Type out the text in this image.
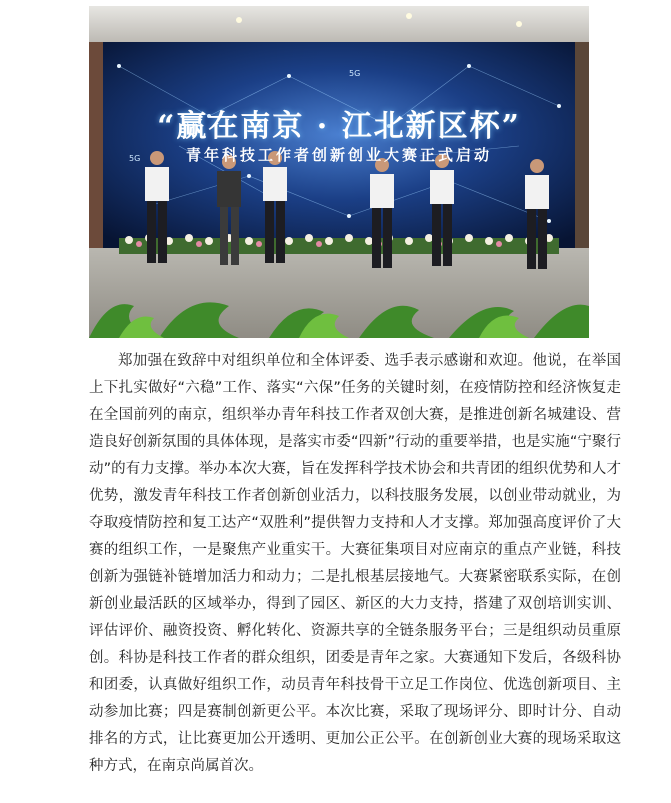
5G
5G
“赢在南京 · 江北新区杯”
青年科技工作者创新创业大赛正式启动

郑加强在致辞中对组织单位和全体评委、选手表示感谢和欢迎。他说，在举国上下扎实做好“六稳”工作、落实“六保”任务的关键时刻，在疫情防控和经济恢复走在全国前列的南京，组织举办青年科技工作者双创大赛，是推进创新名城建设、营造良好创新氛围的具体体现，是落实市委“四新”行动的重要举措，也是实施“宁聚行动”的有力支撑。举办本次大赛，旨在发挥科学技术协会和共青团的组织优势和人才优势，激发青年科技工作者创新创业活力，以科技服务发展，以创业带动就业，为夺取疫情防控和复工达产“双胜利”提供智力支持和人才支撑。郑加强高度评价了大赛的组织工作，一是聚焦产业重实干。大赛征集项目对应南京的重点产业链，科技创新为强链补链增加活力和动力；二是扎根基层接地气。大赛紧密联系实际，在创新创业最活跃的区域举办，得到了园区、新区的大力支持，搭建了双创培训实训、评估评价、融资投资、孵化转化、资源共享的全链条服务平台；三是组织动员重原创。科协是科技工作者的群众组织，团委是青年之家。大赛通知下发后，各级科协和团委，认真做好组织工作，动员青年科技骨干立足工作岗位、优选创新项目、主动参加比赛；四是赛制创新更公平。本次比赛，采取了现场评分、即时计分、自动排名的方式，让比赛更加公开透明、更加公正公平。在创新创业大赛的现场采取这种方式，在南京尚属首次。
